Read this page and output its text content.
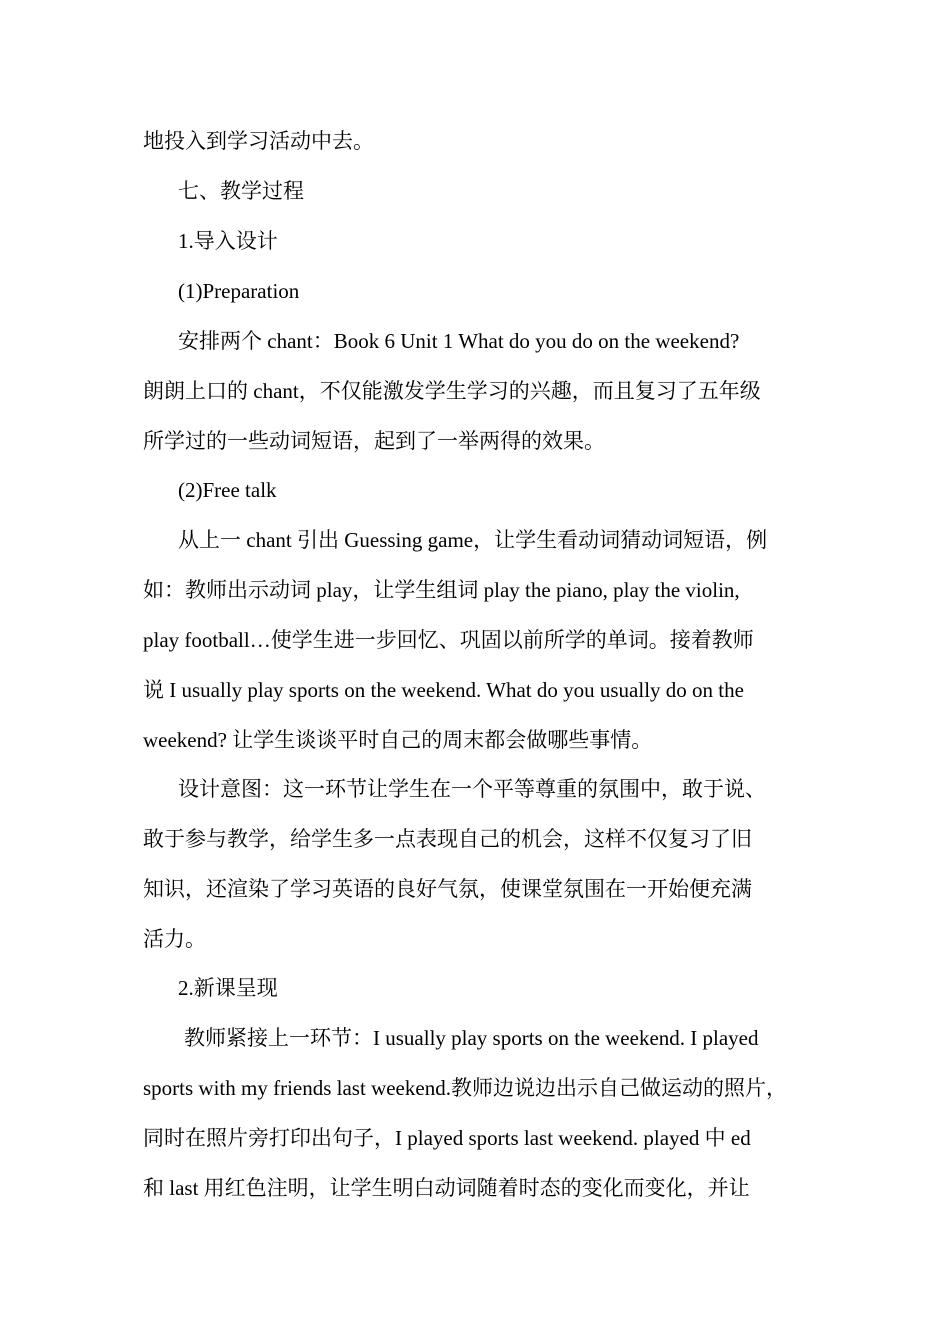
地投入到学习活动中去。
七、教学过程
1.导入设计
(1)Preparation
安排两个 chant：Book 6 Unit 1 What do you do on the weekend?
朗朗上口的 chant，不仅能激发学生学习的兴趣，而且复习了五年级
所学过的一些动词短语，起到了一举两得的效果。
(2)Free talk
从上一 chant 引出 Guessing game，让学生看动词猜动词短语，例
如：教师出示动词 play，让学生组词 play the piano, play the violin,
play football…使学生进一步回忆、巩固以前所学的单词。接着教师
说 I usually play sports on the weekend. What do you usually do on the
weekend? 让学生谈谈平时自己的周末都会做哪些事情。
设计意图：这一环节让学生在一个平等尊重的氛围中，敢于说、
敢于参与教学，给学生多一点表现自己的机会，这样不仅复习了旧
知识，还渲染了学习英语的良好气氛，使课堂氛围在一开始便充满
活力。
2.新课呈现
教师紧接上一环节：I usually play sports on the weekend. I played
sports with my friends last weekend.教师边说边出示自己做运动的照片，
同时在照片旁打印出句子，I played sports last weekend. played 中 ed
和 last 用红色注明，让学生明白动词随着时态的变化而变化，并让
